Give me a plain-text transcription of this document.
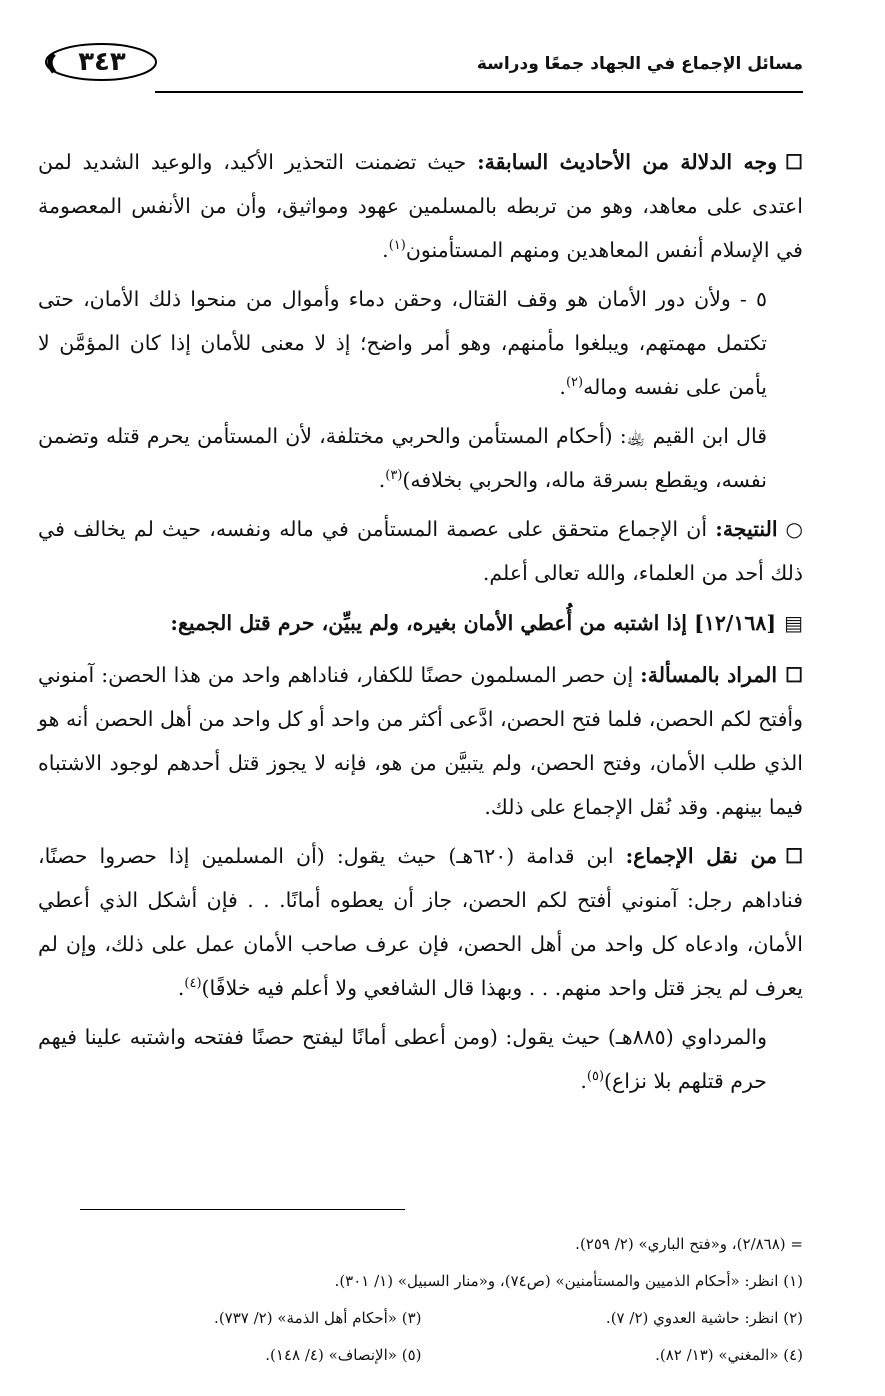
٣٤٣	مسائل الإجماع في الجهاد جمعًا ودراسة

☐وجه الدلالة من الأحاديث السابقة: حيث تضمنت التحذير الأكيد، والوعيد الشديد لمن اعتدى على معاهد، وهو من تربطه بالمسلمين عهود ومواثيق، وأن من الأنفس المعصومة في الإسلام أنفس المعاهدين ومنهم المستأمنون$^{(١)}$.

٥ - ولأن دور الأمان هو وقف القتال، وحقن دماء وأموال من منحوا ذلك الأمان، حتى تكتمل مهمتهم، ويبلغوا مأمنهم، وهو أمر واضح؛ إذ لا معنى للأمان إذا كان المؤمَّن لا يأمن على نفسه وماله$^{(٢)}$.

قال ابن القيم ﵀: (أحكام المستأمن والحربي مختلفة، لأن المستأمن يحرم قتله وتضمن نفسه، ويقطع بسرقة ماله، والحربي بخلافه)$^{(٣)}$.

○النتيجة: أن الإجماع متحقق على عصمة المستأمن في ماله ونفسه، حيث لم يخالف في ذلك أحد من العلماء، والله تعالى أعلم.

▤[١٢/١٦٨] إذا اشتبه من أُعطي الأمان بغيره، ولم يبيِّن، حرم قتل الجميع:

☐المراد بالمسألة: إن حصر المسلمون حصنًا للكفار، فناداهم واحد من هذا الحصن: آمنوني وأفتح لكم الحصن، فلما فتح الحصن، ادَّعى أكثر من واحد أو كل واحد من أهل الحصن أنه هو الذي طلب الأمان، وفتح الحصن، ولم يتبيَّن من هو، فإنه لا يجوز قتل أحدهم لوجود الاشتباه فيما بينهم. وقد نُقل الإجماع على ذلك.

☐من نقل الإجماع: ابن قدامة (٦٢٠هـ) حيث يقول: (أن المسلمين إذا حصروا حصنًا، فناداهم رجل: آمنوني أفتح لكم الحصن، جاز أن يعطوه أمانًا. . . فإن أشكل الذي أعطي الأمان، وادعاه كل واحد من أهل الحصن، فإن عرف صاحب الأمان عمل على ذلك، وإن لم يعرف لم يجز قتل واحد منهم. . . وبهذا قال الشافعي ولا أعلم فيه خلافًا)$^{(٤)}$.

والمرداوي (٨٨٥هـ) حيث يقول: (ومن أعطى أمانًا ليفتح حصنًا ففتحه واشتبه علينا فيهم حرم قتلهم بلا نزاع)$^{(٥)}$.

= (٢/٨٦٨)، و«فتح الباري» (٢/ ٢٥٩).
(١) انظر: «أحكام الذميين والمستأمنين» (ص٧٤)، و«منار السبيل» (١/ ٣٠١).
(٢) انظر: حاشية العدوي (٢/ ٧).
(٣) «أحكام أهل الذمة» (٢/ ٧٣٧).
(٤) «المغني» (١٣/ ٨٢).
(٥) «الإنصاف» (٤/ ١٤٨).
